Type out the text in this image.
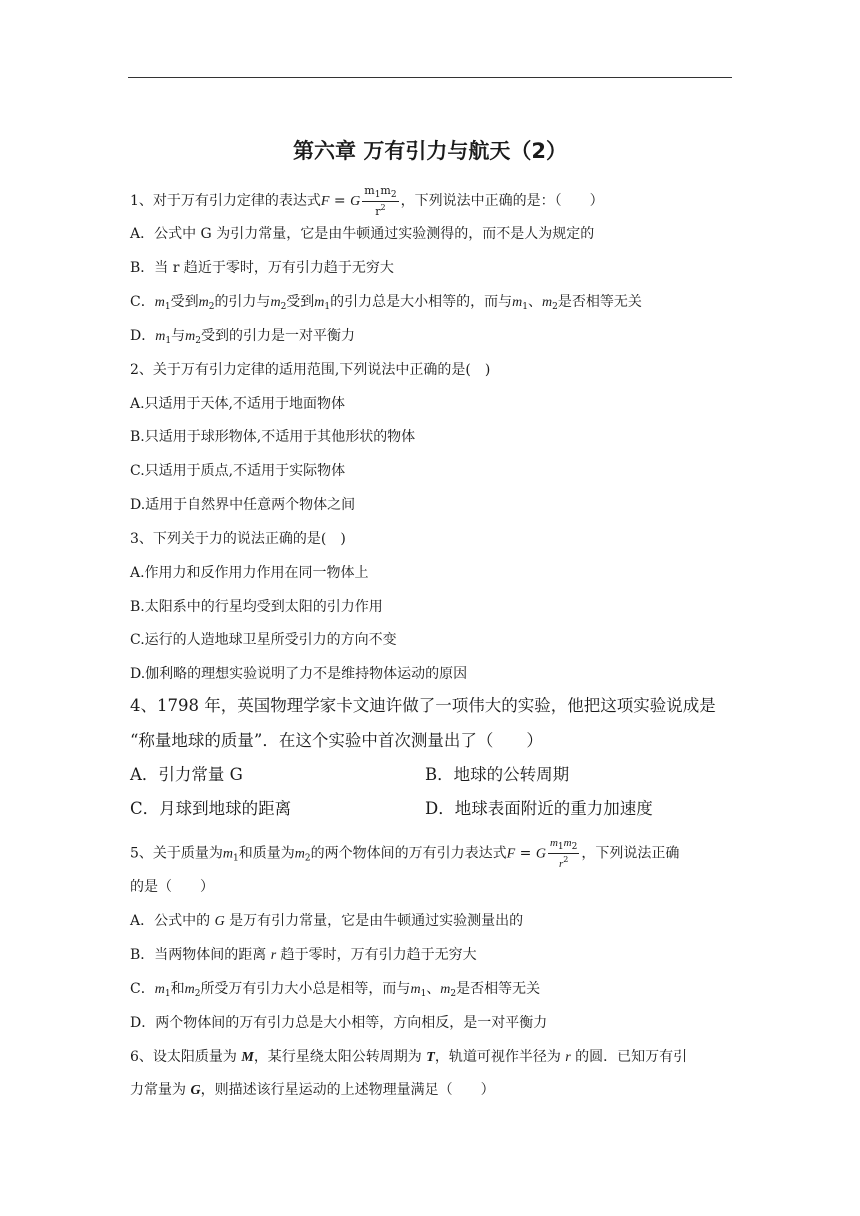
第六章 万有引力与航天（2）
1、对于万有引力定律的表达式F = G $\frac{m_1m_2}{r^2}$ ，下列说法中正确的是：（　　）
A．公式中 G 为引力常量，它是由牛顿通过实验测得的，而不是人为规定的
B．当 r 趋近于零时，万有引力趋于无穷大
C．$m_1$受到$m_2$的引力与$m_2$受到$m_1$的引力总是大小相等的，而与$m_1$、$m_2$是否相等无关
D．$m_1$与$m_2$受到的引力是一对平衡力
2、关于万有引力定律的适用范围,下列说法中正确的是(　)
A.只适用于天体,不适用于地面物体
B.只适用于球形物体,不适用于其他形状的物体
C.只适用于质点,不适用于实际物体
D.适用于自然界中任意两个物体之间
3、下列关于力的说法正确的是(　)
A.作用力和反作用力作用在同一物体上
B.太阳系中的行星均受到太阳的引力作用
C.运行的人造地球卫星所受引力的方向不变
D.伽利略的理想实验说明了力不是维持物体运动的原因
4、1798 年，英国物理学家卡文迪许做了一项伟大的实验，他把这项实验说成是
“称量地球的质量”．在这个实验中首次测量出了（　　）
A．引力常量 G	B．地球的公转周期
C．月球到地球的距离	D．地球表面附近的重力加速度
5、关于质量为$m_1$和质量为$m_2$的两个物体间的万有引力表达式F = G $\frac{m_1m_2}{r^2}$ ，下列说法正确
的是（　　）
A．公式中的 G 是万有引力常量，它是由牛顿通过实验测量出的
B．当两物体间的距离 r 趋于零时，万有引力趋于无穷大
C．$m_1$和$m_2$所受万有引力大小总是相等，而与$m_1$、$m_2$是否相等无关
D．两个物体间的万有引力总是大小相等，方向相反，是一对平衡力
6、设太阳质量为 M，某行星绕太阳公转周期为 T，轨道可视作半径为 r 的圆．已知万有引
力常量为 G，则描述该行星运动的上述物理量满足（　　）
